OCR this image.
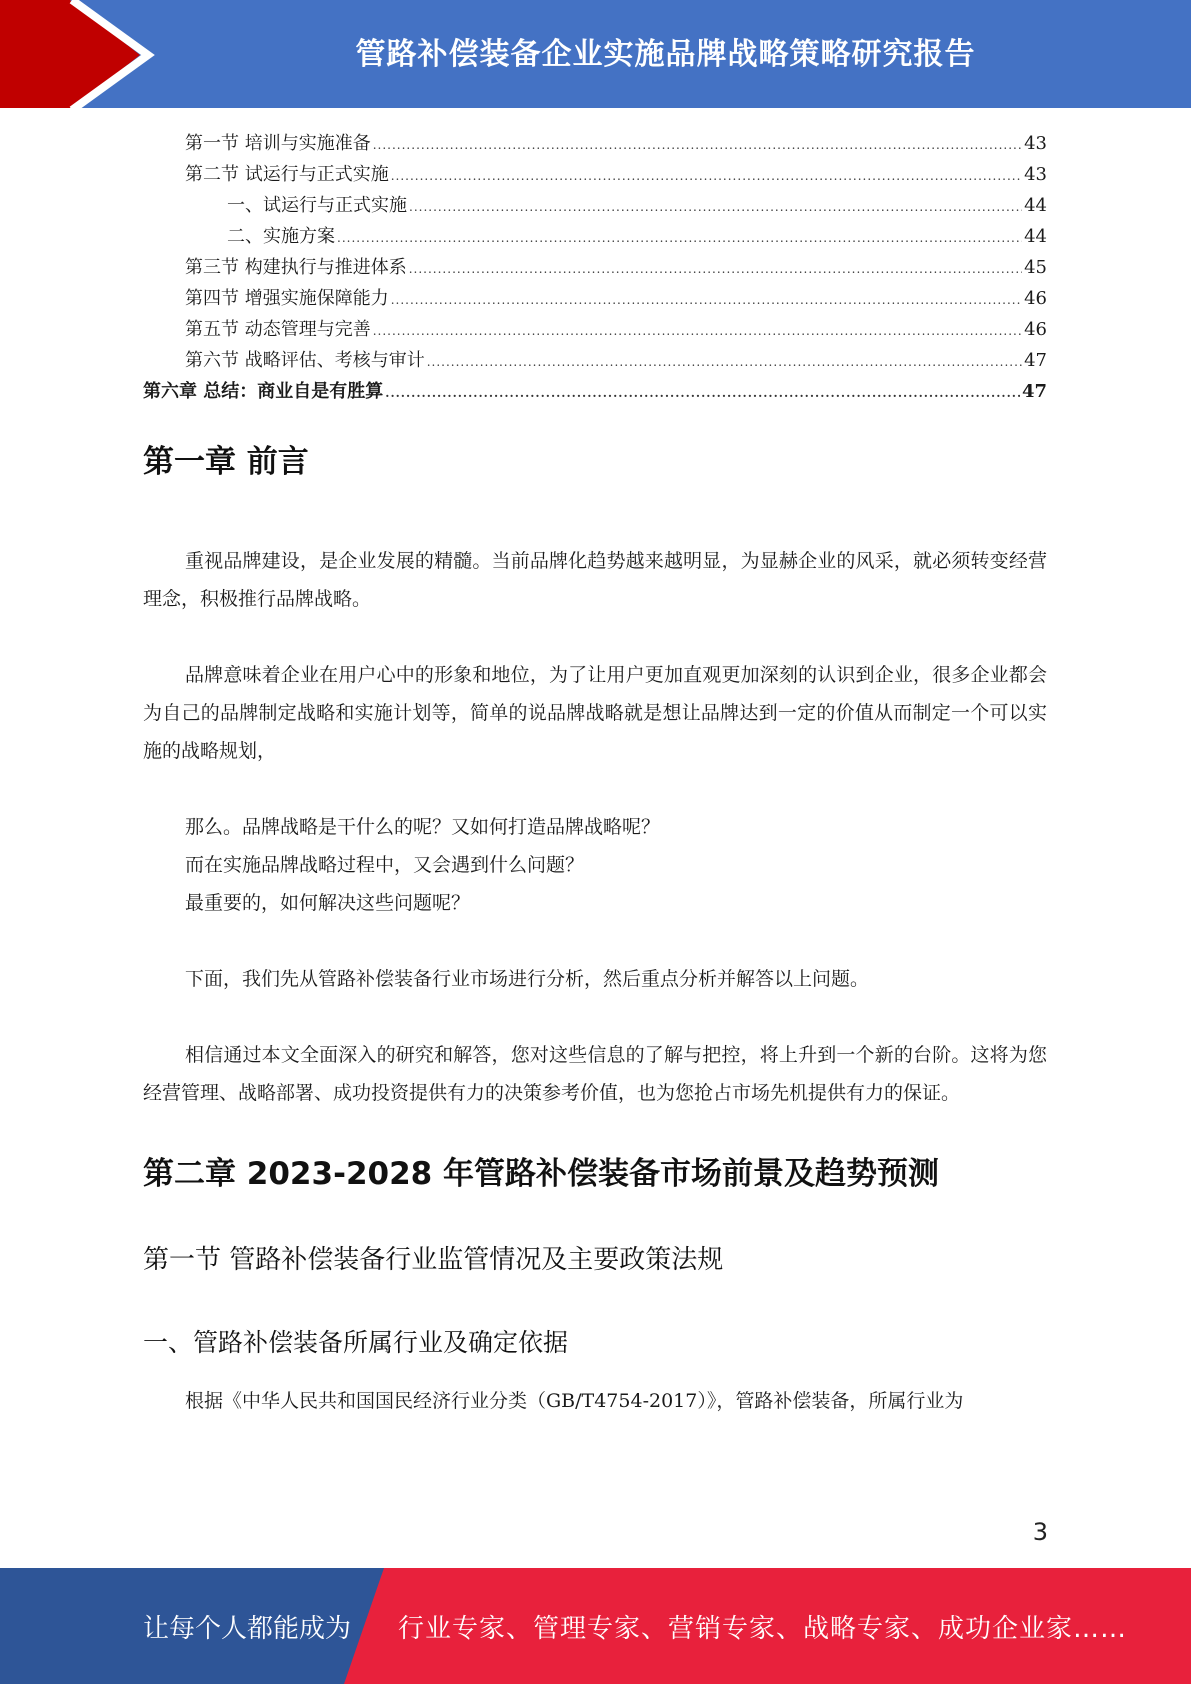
管路补偿装备企业实施品牌战略策略研究报告
第一节 培训与实施准备 .....	43
第二节 试运行与正式实施 .....	43
一、试运行与正式实施 .....	44
二、实施方案 .....	44
第三节 构建执行与推进体系 .....	45
第四节 增强实施保障能力 .....	46
第五节 动态管理与完善 .....	46
第六节 战略评估、考核与审计 .....	47
第六章 总结：商业自是有胜算 .....	47
第一章 前言

重视品牌建设，是企业发展的精髓。当前品牌化趋势越来越明显，为显赫企业的风采，就必须转变经营理念，积极推行品牌战略。

品牌意味着企业在用户心中的形象和地位，为了让用户更加直观更加深刻的认识到企业，很多企业都会为自己的品牌制定战略和实施计划等，简单的说品牌战略就是想让品牌达到一定的价值从而制定一个可以实施的战略规划，

那么。品牌战略是干什么的呢？又如何打造品牌战略呢？

而在实施品牌战略过程中，又会遇到什么问题？

最重要的，如何解决这些问题呢？

下面，我们先从管路补偿装备行业市场进行分析，然后重点分析并解答以上问题。

相信通过本文全面深入的研究和解答，您对这些信息的了解与把控，将上升到一个新的台阶。这将为您经营管理、战略部署、成功投资提供有力的决策参考价值，也为您抢占市场先机提供有力的保证。

第二章 2023-2028 年管路补偿装备市场前景及趋势预测
第一节 管路补偿装备行业监管情况及主要政策法规
一、管路补偿装备所属行业及确定依据

根据《中华人民共和国国民经济行业分类（GB/T4754-2017）》，管路补偿装备，所属行业为

3
让每个人都能成为 行业专家、管理专家、营销专家、战略专家、成功企业家……
